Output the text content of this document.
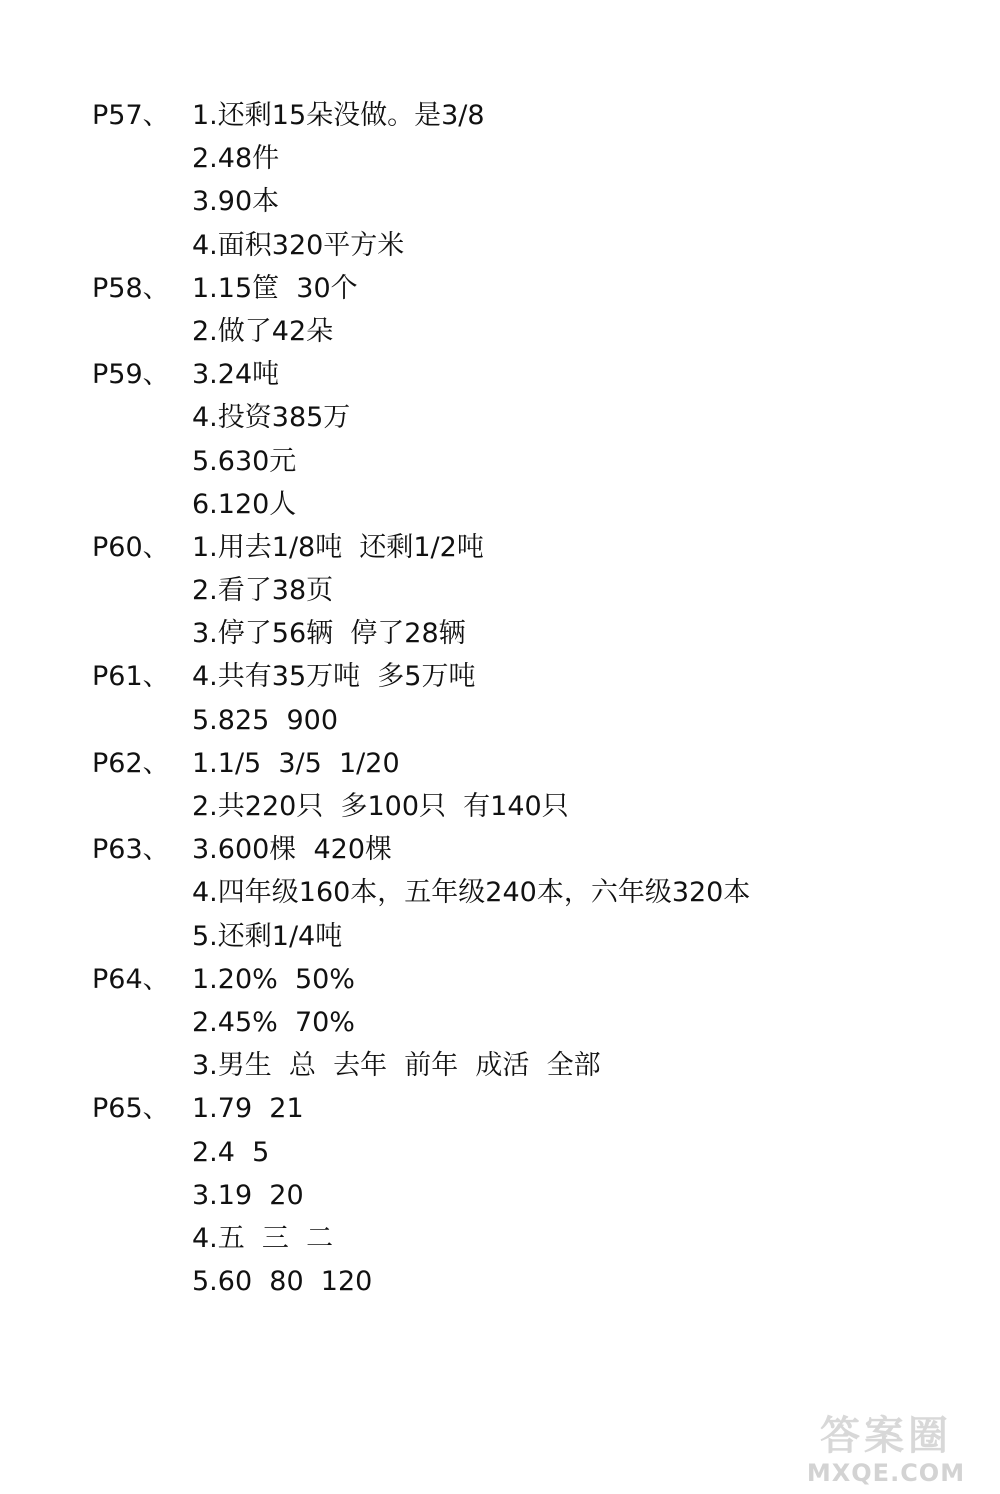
P57、 1.还剩15朵没做。是3/8
2.48件
3.90本
4.面积320平方米
P58、 1.15筐  30个
2.做了42朵
P59、 3.24吨
4.投资385万
5.630元
6.120人
P60、 1.用去1/8吨  还剩1/2吨
2.看了38页
3.停了56辆  停了28辆
P61、 4.共有35万吨  多5万吨
5.825  900
P62、 1.1/5  3/5  1/20
2.共220只  多100只  有140只
P63、 3.600棵  420棵
4.四年级160本，五年级240本，六年级320本
5.还剩1/4吨
P64、 1.20%  50%
2.45%  70%
3.男生  总  去年  前年  成活  全部
P65、 1.79  21
2.4  5
3.19  20
4.五  三  二
5.60  80  120
答案圈
MXQE.COM
